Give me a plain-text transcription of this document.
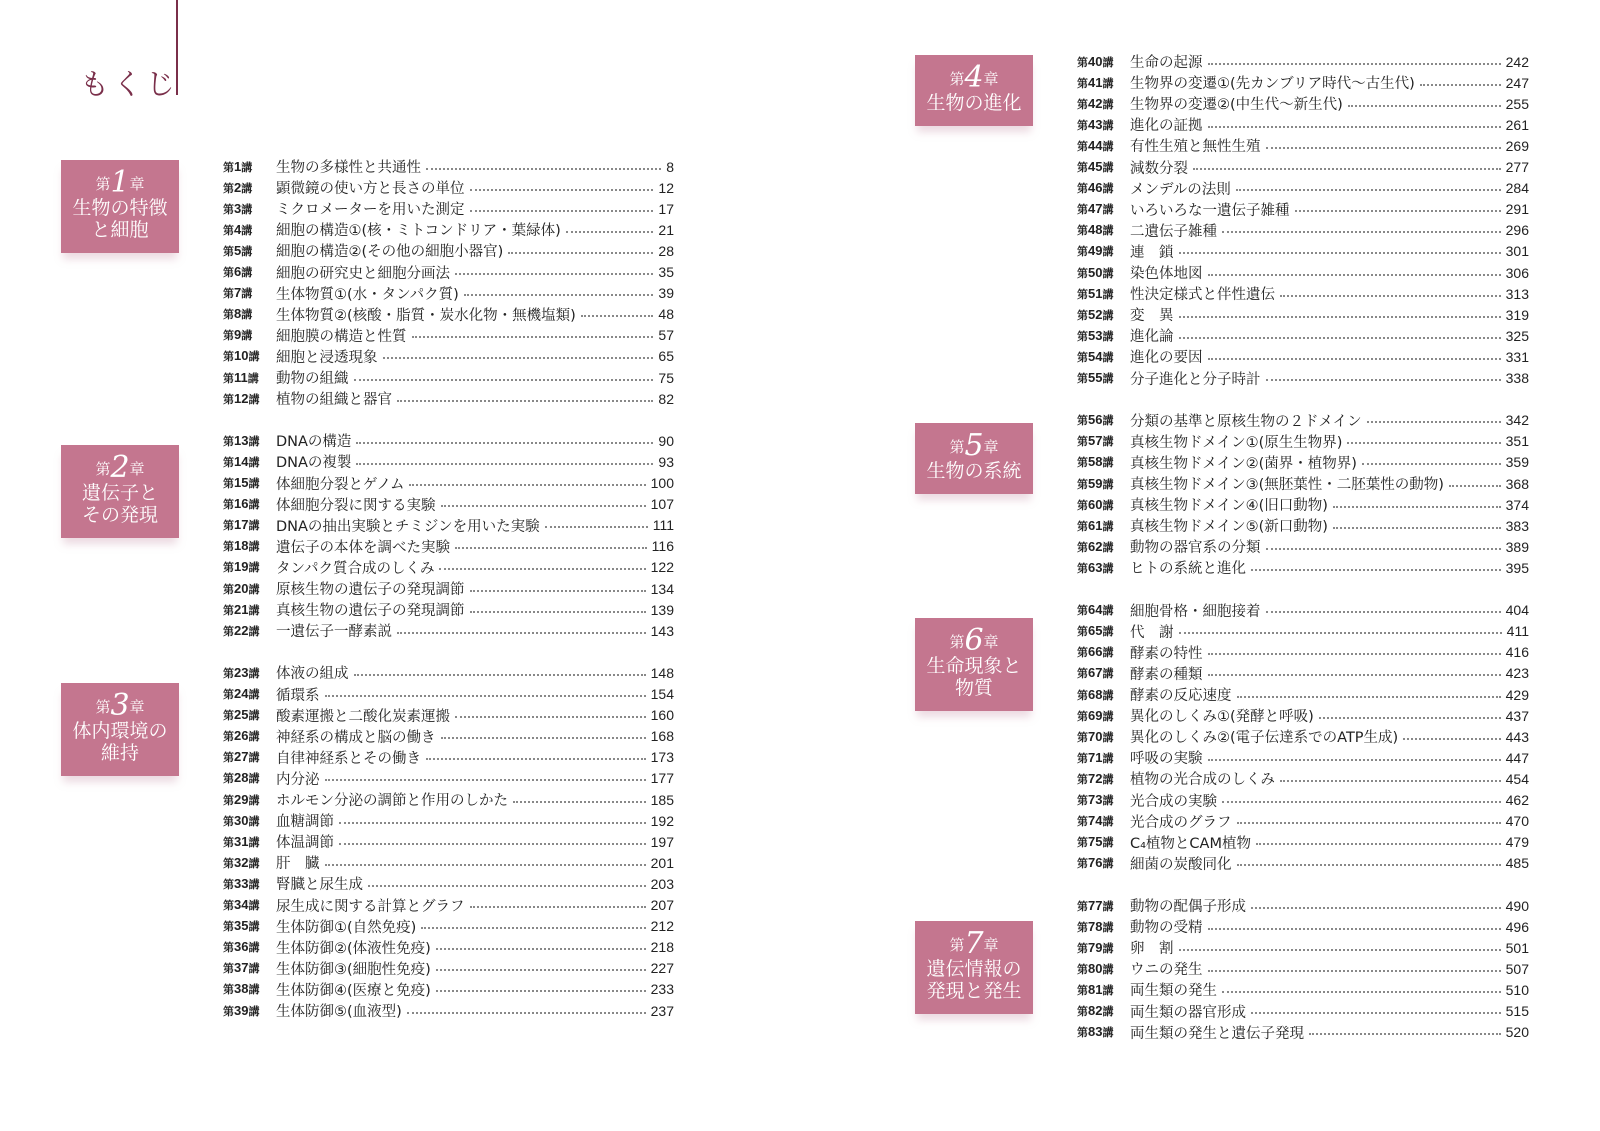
もくじ
第1章
生物の特徴
と細胞
第2章
遺伝子と
その発現
第3章
体内環境の
維持
第4章
生物の進化
第5章
生物の系統
第6章
生命現象と
物質
第7章
遺伝情報の
発現と発生
第1講	生物の多様性と共通性	8
第2講	顕微鏡の使い方と長さの単位	12
第3講	ミクロメーターを用いた測定	17
第4講	細胞の構造①(核・ミトコンドリア・葉緑体)	21
第5講	細胞の構造②(その他の細胞小器官)	28
第6講	細胞の研究史と細胞分画法	35
第7講	生体物質①(水・タンパク質)	39
第8講	生体物質②(核酸・脂質・炭水化物・無機塩類)	48
第9講	細胞膜の構造と性質	57
第10講	細胞と浸透現象	65
第11講	動物の組織	75
第12講	植物の組織と器官	82
第13講	DNAの構造	90
第14講	DNAの複製	93
第15講	体細胞分裂とゲノム	100
第16講	体細胞分裂に関する実験	107
第17講	DNAの抽出実験とチミジンを用いた実験	111
第18講	遺伝子の本体を調べた実験	116
第19講	タンパク質合成のしくみ	122
第20講	原核生物の遺伝子の発現調節	134
第21講	真核生物の遺伝子の発現調節	139
第22講	一遺伝子一酵素説	143
第23講	体液の組成	148
第24講	循環系	154
第25講	酸素運搬と二酸化炭素運搬	160
第26講	神経系の構成と脳の働き	168
第27講	自律神経系とその働き	173
第28講	内分泌	177
第29講	ホルモン分泌の調節と作用のしかた	185
第30講	血糖調節	192
第31講	体温調節	197
第32講	肝　臓	201
第33講	腎臓と尿生成	203
第34講	尿生成に関する計算とグラフ	207
第35講	生体防御①(自然免疫)	212
第36講	生体防御②(体液性免疫)	218
第37講	生体防御③(細胞性免疫)	227
第38講	生体防御④(医療と免疫)	233
第39講	生体防御⑤(血液型)	237
第40講	生命の起源	242
第41講	生物界の変遷①(先カンブリア時代～古生代)	247
第42講	生物界の変遷②(中生代～新生代)	255
第43講	進化の証拠	261
第44講	有性生殖と無性生殖	269
第45講	減数分裂	277
第46講	メンデルの法則	284
第47講	いろいろな一遺伝子雑種	291
第48講	二遺伝子雑種	296
第49講	連　鎖	301
第50講	染色体地図	306
第51講	性決定様式と伴性遺伝	313
第52講	変　異	319
第53講	進化論	325
第54講	進化の要因	331
第55講	分子進化と分子時計	338
第56講	分類の基準と原核生物の２ドメイン	342
第57講	真核生物ドメイン①(原生生物界)	351
第58講	真核生物ドメイン②(菌界・植物界)	359
第59講	真核生物ドメイン③(無胚葉性・二胚葉性の動物)	368
第60講	真核生物ドメイン④(旧口動物)	374
第61講	真核生物ドメイン⑤(新口動物)	383
第62講	動物の器官系の分類	389
第63講	ヒトの系統と進化	395
第64講	細胞骨格・細胞接着	404
第65講	代　謝	411
第66講	酵素の特性	416
第67講	酵素の種類	423
第68講	酵素の反応速度	429
第69講	異化のしくみ①(発酵と呼吸)	437
第70講	異化のしくみ②(電子伝達系でのATP生成)	443
第71講	呼吸の実験	447
第72講	植物の光合成のしくみ	454
第73講	光合成の実験	462
第74講	光合成のグラフ	470
第75講	C₄植物とCAM植物	479
第76講	細菌の炭酸同化	485
第77講	動物の配偶子形成	490
第78講	動物の受精	496
第79講	卵　割	501
第80講	ウニの発生	507
第81講	両生類の発生	510
第82講	両生類の器官形成	515
第83講	両生類の発生と遺伝子発現	520
